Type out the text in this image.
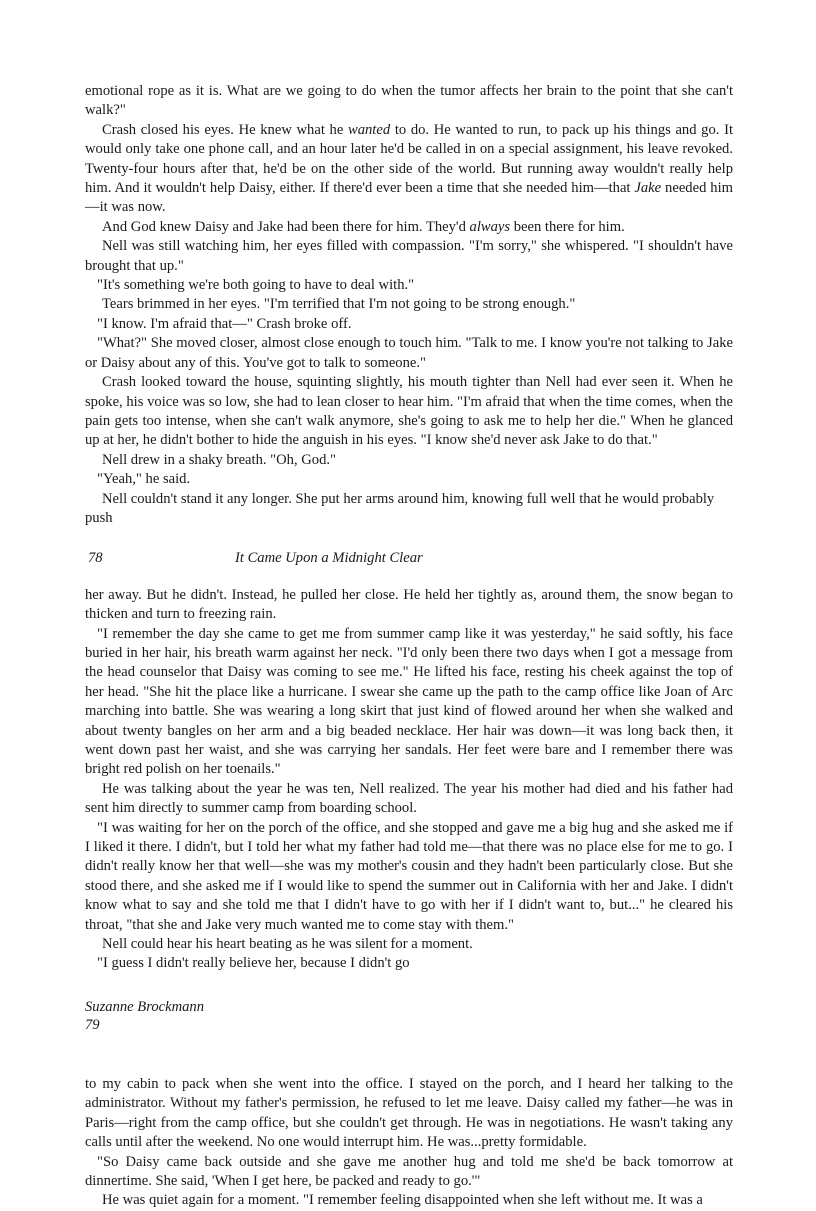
emotional rope as it is. What are we going to do when the tumor affects her brain to the point that she can't walk?"

Crash closed his eyes. He knew what he wanted to do. He wanted to run, to pack up his things and go. It would only take one phone call, and an hour later he'd be called in on a special assignment, his leave revoked. Twenty-four hours after that, he'd be on the other side of the world. But running away wouldn't really help him. And it wouldn't help Daisy, either. If there'd ever been a time that she needed him—that Jake needed him—it was now.

And God knew Daisy and Jake had been there for him. They'd always been there for him.

Nell was still watching him, her eyes filled with compassion. "I'm sorry," she whispered. "I shouldn't have brought that up."

"It's something we're both going to have to deal with."

Tears brimmed in her eyes. "I'm terrified that I'm not going to be strong enough."

"I know. I'm afraid that—" Crash broke off.

"What?" She moved closer, almost close enough to touch him. "Talk to me. I know you're not talking to Jake or Daisy about any of this. You've got to talk to someone."

Crash looked toward the house, squinting slightly, his mouth tighter than Nell had ever seen it. When he spoke, his voice was so low, she had to lean closer to hear him. "I'm afraid that when the time comes, when the pain gets too intense, when she can't walk anymore, she's going to ask me to help her die." When he glanced up at her, he didn't bother to hide the anguish in his eyes. "I know she'd never ask Jake to do that."

Nell drew in a shaky breath. "Oh, God."

"Yeah," he said.

Nell couldn't stand it any longer. She put her arms around him, knowing full well that he would probably push

78	It Came Upon a Midnight Clear

her away. But he didn't. Instead, he pulled her close. He held her tightly as, around them, the snow began to thicken and turn to freezing rain.

"I remember the day she came to get me from summer camp like it was yesterday," he said softly, his face buried in her hair, his breath warm against her neck. "I'd only been there two days when I got a message from the head counselor that Daisy was coming to see me." He lifted his face, resting his cheek against the top of her head. "She hit the place like a hurricane. I swear she came up the path to the camp office like Joan of Arc marching into battle. She was wearing a long skirt that just kind of flowed around her when she walked and about twenty bangles on her arm and a big beaded necklace. Her hair was down—it was long back then, it went down past her waist, and she was carrying her sandals. Her feet were bare and I remember there was bright red polish on her toenails."

He was talking about the year he was ten, Nell realized. The year his mother had died and his father had sent him directly to summer camp from boarding school.

"I was waiting for her on the porch of the office, and she stopped and gave me a big hug and she asked me if I liked it there. I didn't, but I told her what my father had told me—that there was no place else for me to go. I didn't really know her that well—she was my mother's cousin and they hadn't been particularly close. But she stood there, and she asked me if I would like to spend the summer out in California with her and Jake. I didn't know what to say and she told me that I didn't have to go with her if I didn't want to, but..." he cleared his throat, "that she and Jake very much wanted me to come stay with them."

Nell could hear his heart beating as he was silent for a moment.

"I guess I didn't really believe her, because I didn't go

Suzanne Brockmann
79

to my cabin to pack when she went into the office. I stayed on the porch, and I heard her talking to the administrator. Without my father's permission, he refused to let me leave. Daisy called my father—he was in Paris—right from the camp office, but she couldn't get through. He was in negotiations. He wasn't taking any calls until after the weekend. No one would interrupt him. He was...pretty formidable.

"So Daisy came back outside and she gave me another hug and told me she'd be back tomorrow at dinnertime. She said, 'When I get here, be packed and ready to go.'"

He was quiet again for a moment. "I remember feeling disappointed when she left without me. It was a
